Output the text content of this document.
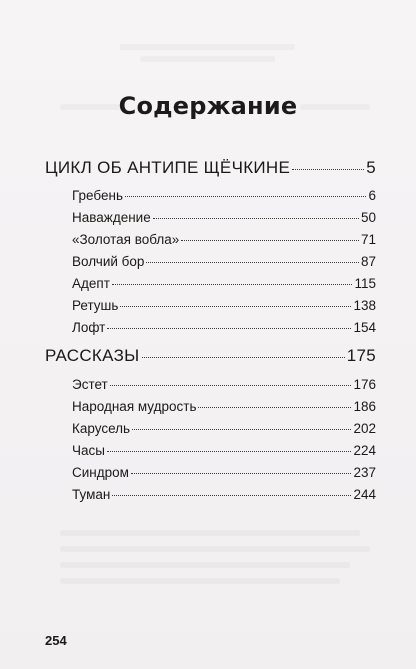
Содержание
ЦИКЛ ОБ АНТИПЕ ЩЁЧКИНЕ	5
Гребень	6
Наваждение	50
«Золотая вобла»	71
Волчий бор	87
Адепт	115
Ретушь	138
Лофт	154
РАССКАЗЫ	175
Эстет	176
Народная мудрость	186
Карусель	202
Часы	224
Синдром	237
Туман	244
254
